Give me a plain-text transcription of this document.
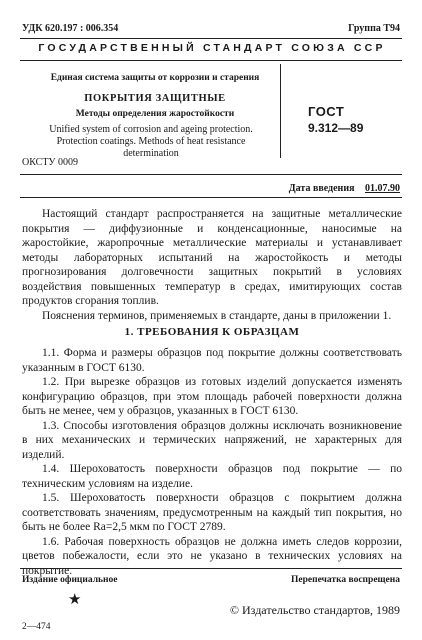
УДК 620.197 : 006.354	Группа Т94
ГОСУДАРСТВЕННЫЙ СТАНДАРТ СОЮЗА ССР
Единая система защиты от коррозии и старения
ПОКРЫТИЯ ЗАЩИТНЫЕ
Методы определения жаростойкости
Unified system of corrosion and ageing protection.
Protection coatings. Methods of heat resistance
determination
ГОСТ
9.312—89
ОКСТУ 0009
Дата введения 01.07.90

Настоящий стандарт распространяется на защитные металлические покрытия — диффузионные и конденсационные, наносимые на жаростойкие, жаропрочные металлические материалы и устанавливает методы лабораторных испытаний на жаростойкость и методы прогнозирования долговечности защитных покрытий в условиях воздействия повышенных температур в средах, имитирующих состав продуктов сгорания топлив.

Пояснения терминов, применяемых в стандарте, даны в приложении 1.

1. ТРЕБОВАНИЯ К ОБРАЗЦАМ

1.1. Форма и размеры образцов под покрытие должны соответствовать указанным в ГОСТ 6130.

1.2. При вырезке образцов из готовых изделий допускается изменять конфигурацию образцов, при этом площадь рабочей поверхности должна быть не менее, чем у образцов, указанных в ГОСТ 6130.

1.3. Способы изготовления образцов должны исключать возникновение в них механических и термических напряжений, не характерных для изделий.

1.4. Шероховатость поверхности образцов под покрытие — по техническим условиям на изделие.

1.5. Шероховатость поверхности образцов с покрытием должна соответствовать значениям, предусмотренным на каждый тип покрытия, но быть не более Ra=2,5 мкм по ГОСТ 2789.

1.6. Рабочая поверхность образцов не должна иметь следов коррозии, цветов побежалости, если это не указано в технических условиях на покрытие.

Издание официальное	Перепечатка воспрещена
★
© Издательство стандартов, 1989
2—474
